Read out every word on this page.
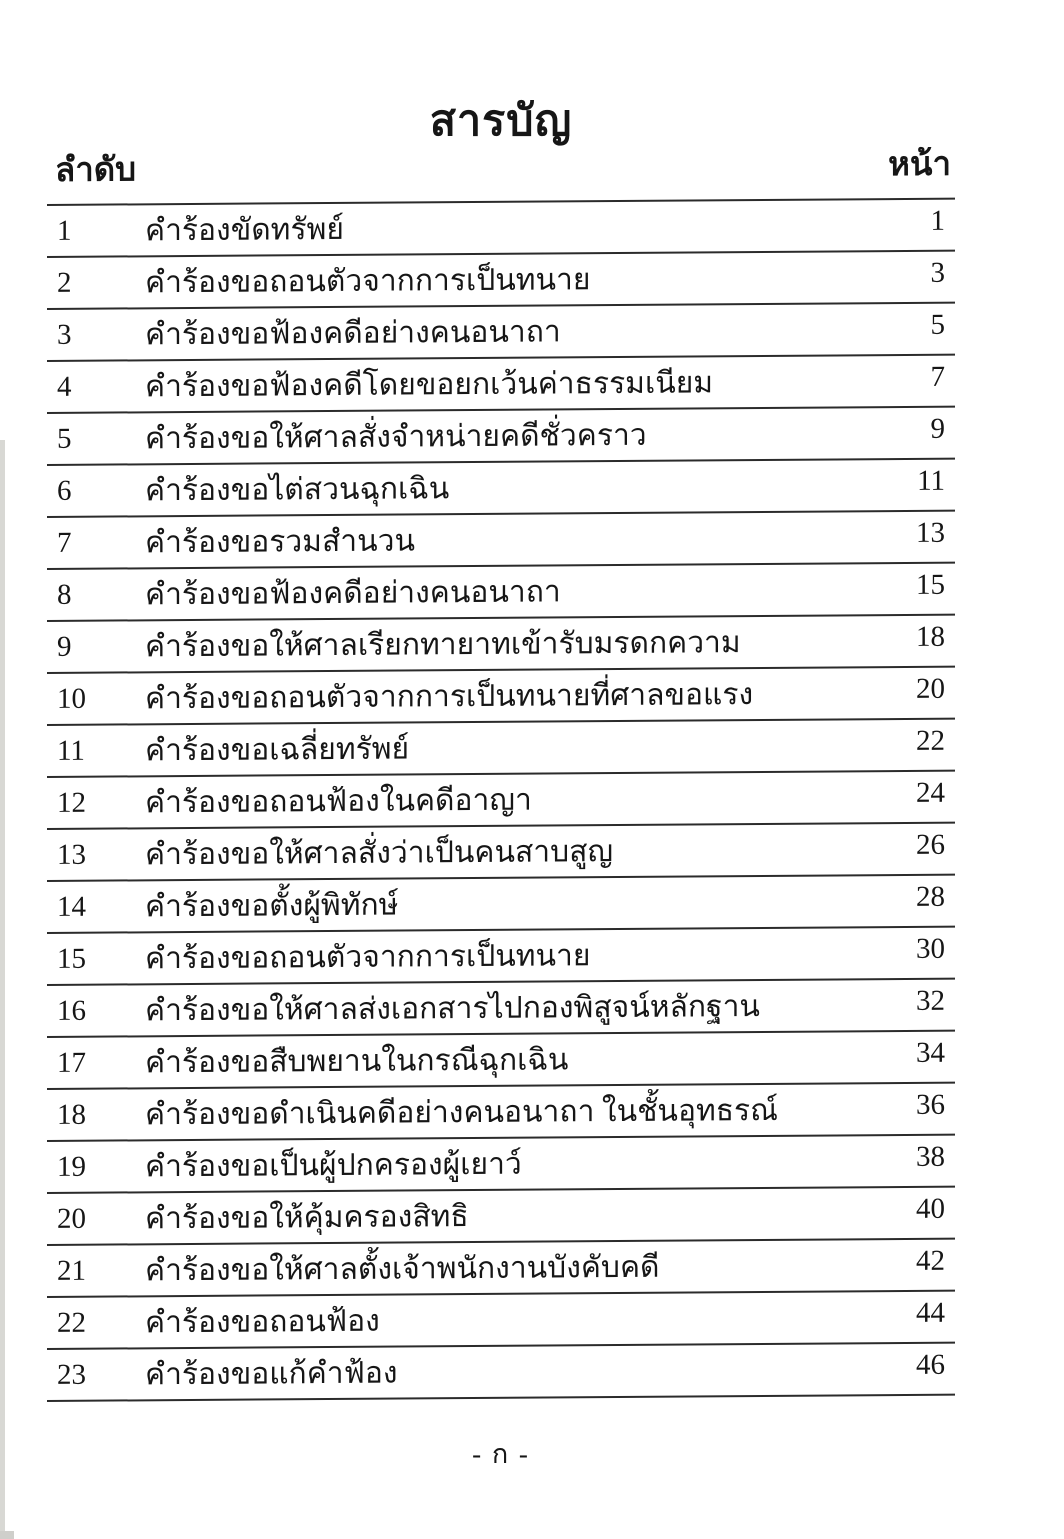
สารบัญ
ลำดับ	หน้า
1	คำร้องขัดทรัพย์	1
2	คำร้องขอถอนตัวจากการเป็นทนาย	3
3	คำร้องขอฟ้องคดีอย่างคนอนาถา	5
4	คำร้องขอฟ้องคดีโดยขอยกเว้นค่าธรรมเนียม	7
5	คำร้องขอให้ศาลสั่งจำหน่ายคดีชั่วคราว	9
6	คำร้องขอไต่สวนฉุกเฉิน	11
7	คำร้องขอรวมสำนวน	13
8	คำร้องขอฟ้องคดีอย่างคนอนาถา	15
9	คำร้องขอให้ศาลเรียกทายาทเข้ารับมรดกความ	18
10	คำร้องขอถอนตัวจากการเป็นทนายที่ศาลขอแรง	20
11	คำร้องขอเฉลี่ยทรัพย์	22
12	คำร้องขอถอนฟ้องในคดีอาญา	24
13	คำร้องขอให้ศาลสั่งว่าเป็นคนสาบสูญ	26
14	คำร้องขอตั้งผู้พิทักษ์	28
15	คำร้องขอถอนตัวจากการเป็นทนาย	30
16	คำร้องขอให้ศาลส่งเอกสารไปกองพิสูจน์หลักฐาน	32
17	คำร้องขอสืบพยานในกรณีฉุกเฉิน	34
18	คำร้องขอดำเนินคดีอย่างคนอนาถา ในชั้นอุทธรณ์	36
19	คำร้องขอเป็นผู้ปกครองผู้เยาว์	38
20	คำร้องขอให้คุ้มครองสิทธิ	40
21	คำร้องขอให้ศาลตั้งเจ้าพนักงานบังคับคดี	42
22	คำร้องขอถอนฟ้อง	44
23	คำร้องขอแก้คำฟ้อง	46
- ก -
